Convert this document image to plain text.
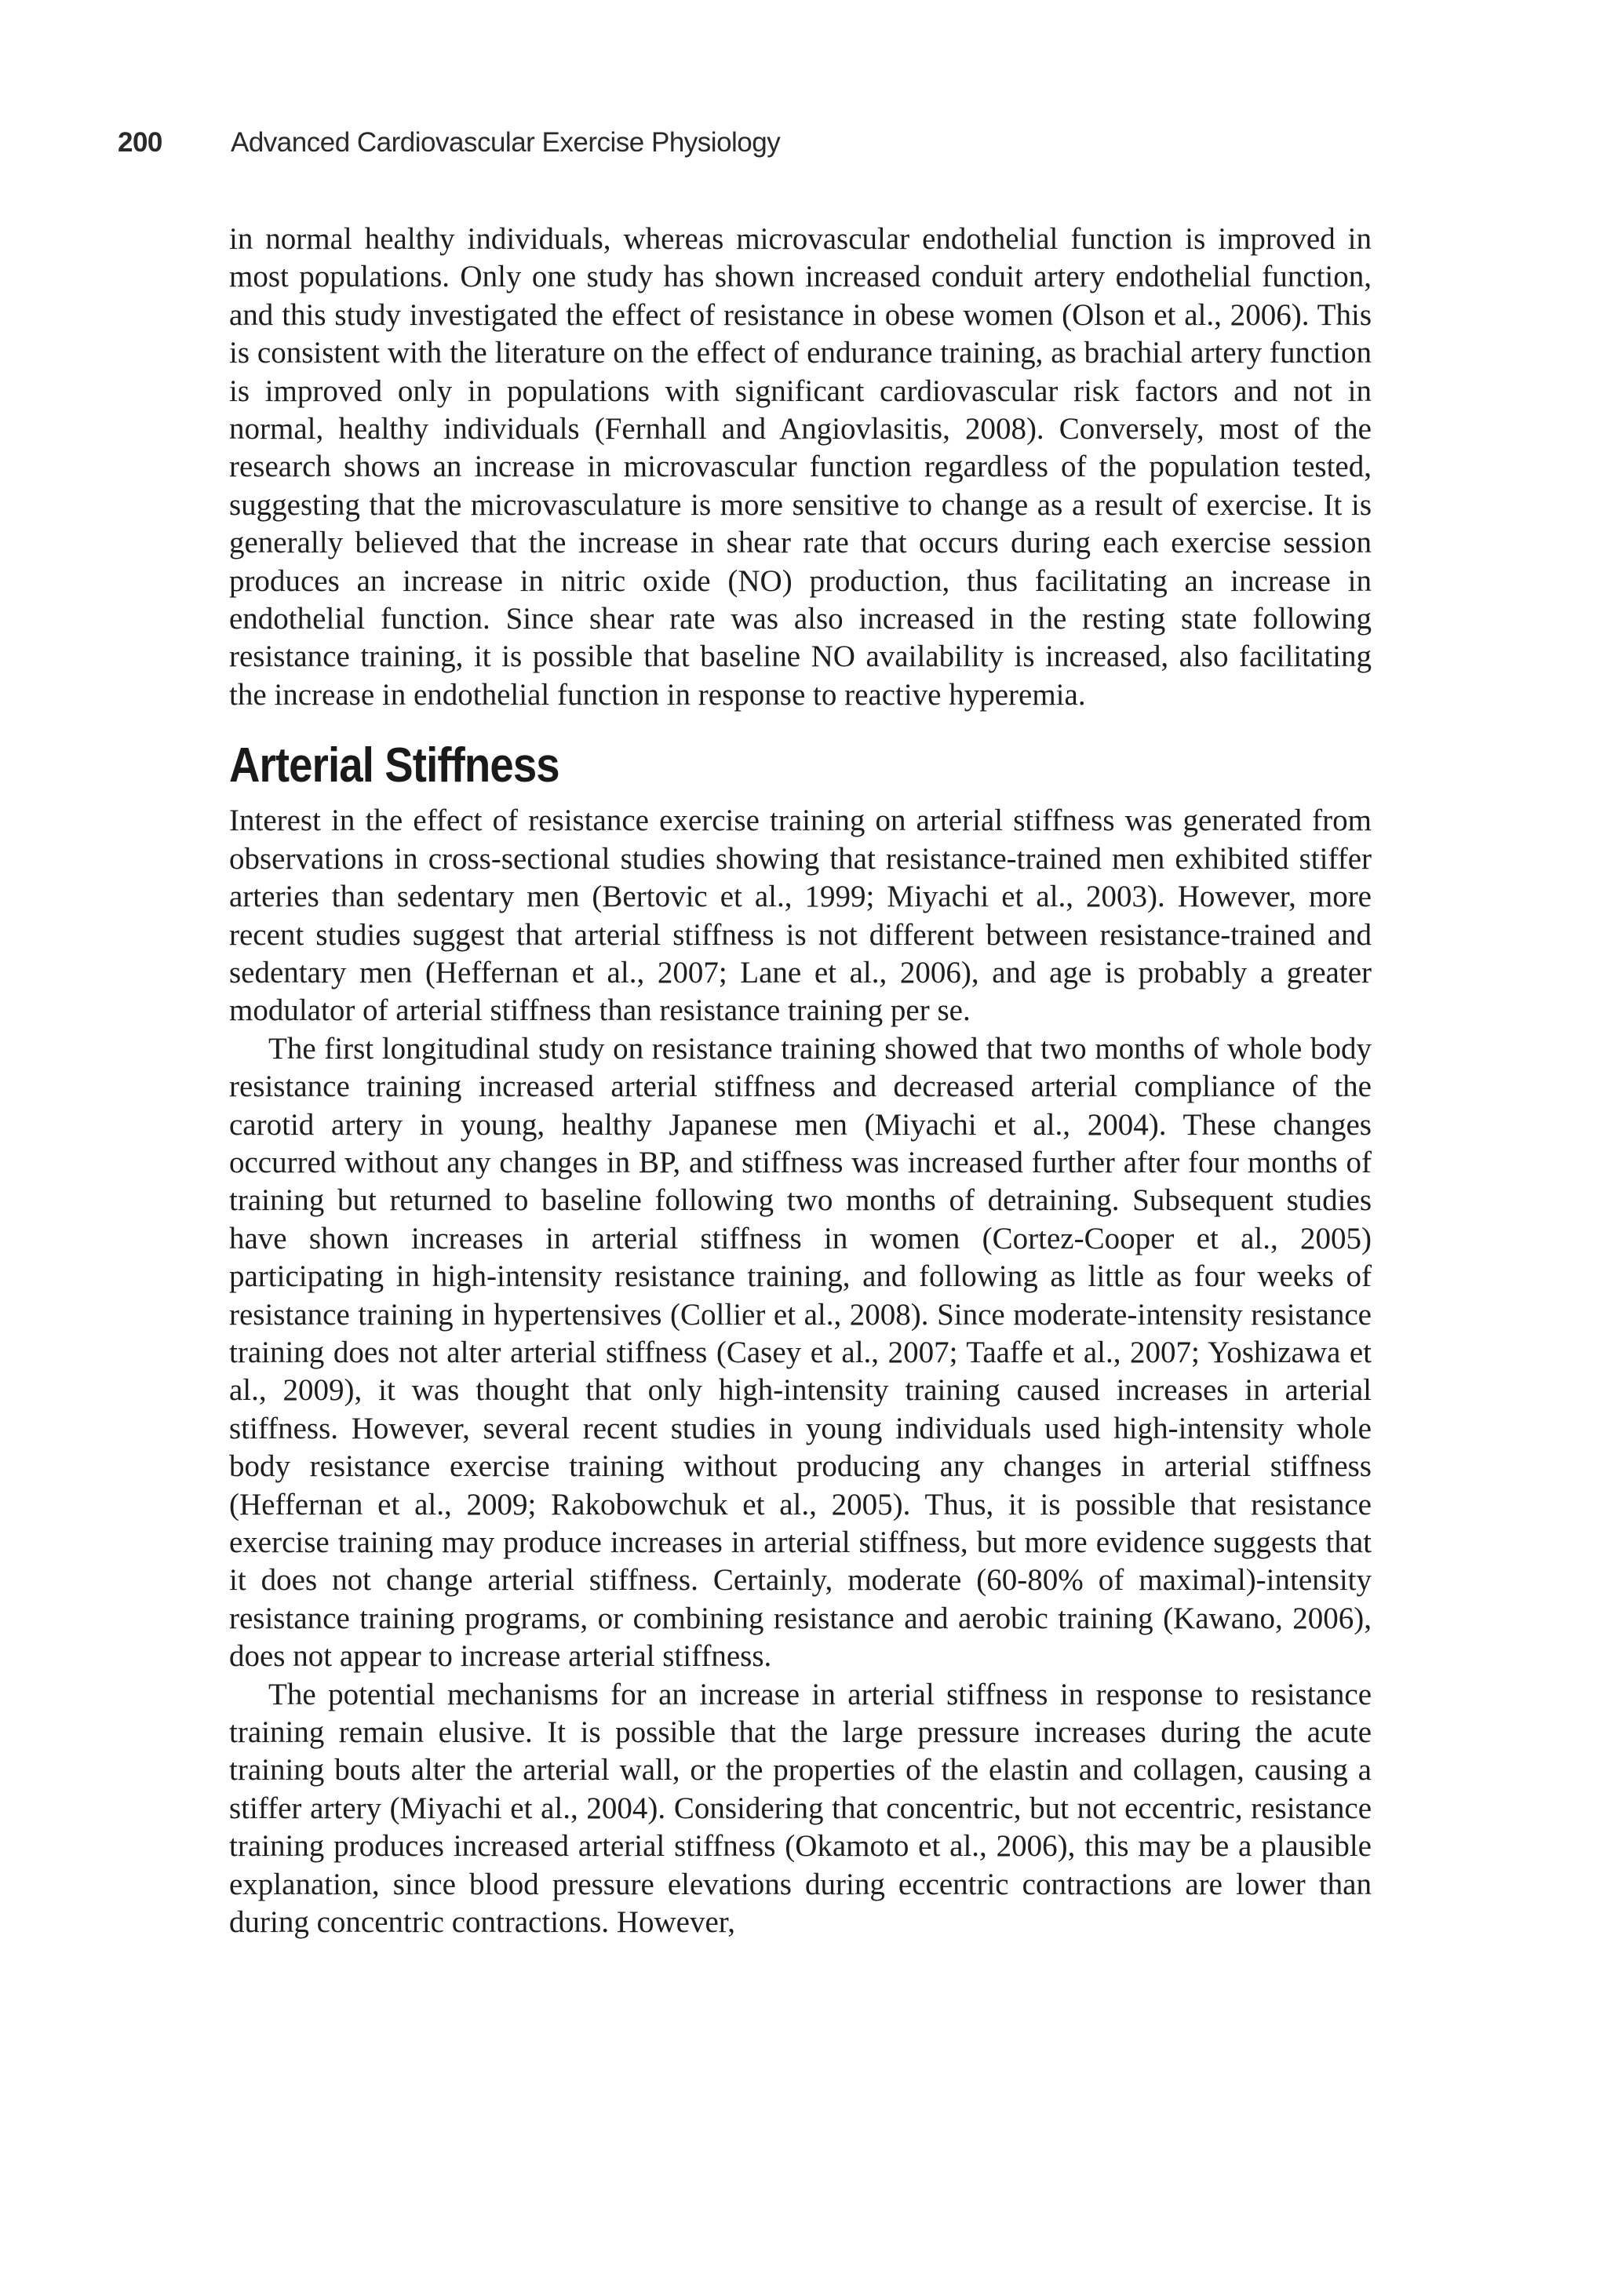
200	Advanced Cardiovascular Exercise Physiology

in normal healthy individuals, whereas microvascular endothelial function is improved in most populations. Only one study has shown increased conduit artery endothelial function, and this study investigated the effect of resistance in obese women (Olson et al., 2006). This is consistent with the literature on the effect of endurance training, as brachial artery function is improved only in populations with significant cardiovascular risk factors and not in normal, healthy individuals (Fernhall and Angiovlasitis, 2008). Conversely, most of the research shows an increase in microvascular function regardless of the population tested, suggesting that the microvasculature is more sensitive to change as a result of exercise. It is generally believed that the increase in shear rate that occurs during each exercise session produces an increase in nitric oxide (NO) production, thus facilitating an increase in endothelial function. Since shear rate was also increased in the resting state following resistance training, it is possible that baseline NO availability is increased, also facilitating the increase in endothelial function in response to reactive hyperemia.

Arterial Stiffness

Interest in the effect of resistance exercise training on arterial stiffness was generated from observations in cross-sectional studies showing that resistance-trained men exhibited stiffer arteries than sedentary men (Bertovic et al., 1999; Miyachi et al., 2003). However, more recent studies suggest that arterial stiffness is not different between resistance-trained and sedentary men (Heffernan et al., 2007; Lane et al., 2006), and age is probably a greater modulator of arterial stiffness than resistance training per se.

The first longitudinal study on resistance training showed that two months of whole body resistance training increased arterial stiffness and decreased arterial compliance of the carotid artery in young, healthy Japanese men (Miyachi et al., 2004). These changes occurred without any changes in BP, and stiffness was increased further after four months of training but returned to baseline following two months of detraining. Subsequent studies have shown increases in arterial stiffness in women (Cortez-Cooper et al., 2005) participating in high-intensity resistance training, and following as little as four weeks of resistance training in hypertensives (Collier et al., 2008). Since moderate-intensity resistance training does not alter arterial stiffness (Casey et al., 2007; Taaffe et al., 2007; Yoshizawa et al., 2009), it was thought that only high-intensity training caused increases in arterial stiffness. However, several recent studies in young individuals used high-intensity whole body resistance exercise training without producing any changes in arterial stiffness (Heffernan et al., 2009; Rakobowchuk et al., 2005). Thus, it is possible that resistance exercise training may produce increases in arterial stiffness, but more evidence suggests that it does not change arterial stiffness. Certainly, moderate (60-80% of maximal)-intensity resistance training programs, or combining resistance and aerobic training (Kawano, 2006), does not appear to increase arterial stiffness.

The potential mechanisms for an increase in arterial stiffness in response to resistance training remain elusive. It is possible that the large pressure increases during the acute training bouts alter the arterial wall, or the properties of the elastin and collagen, causing a stiffer artery (Miyachi et al., 2004). Considering that concentric, but not eccentric, resistance training produces increased arterial stiffness (Okamoto et al., 2006), this may be a plausible explanation, since blood pressure elevations during eccentric contractions are lower than during concentric contractions. However,
